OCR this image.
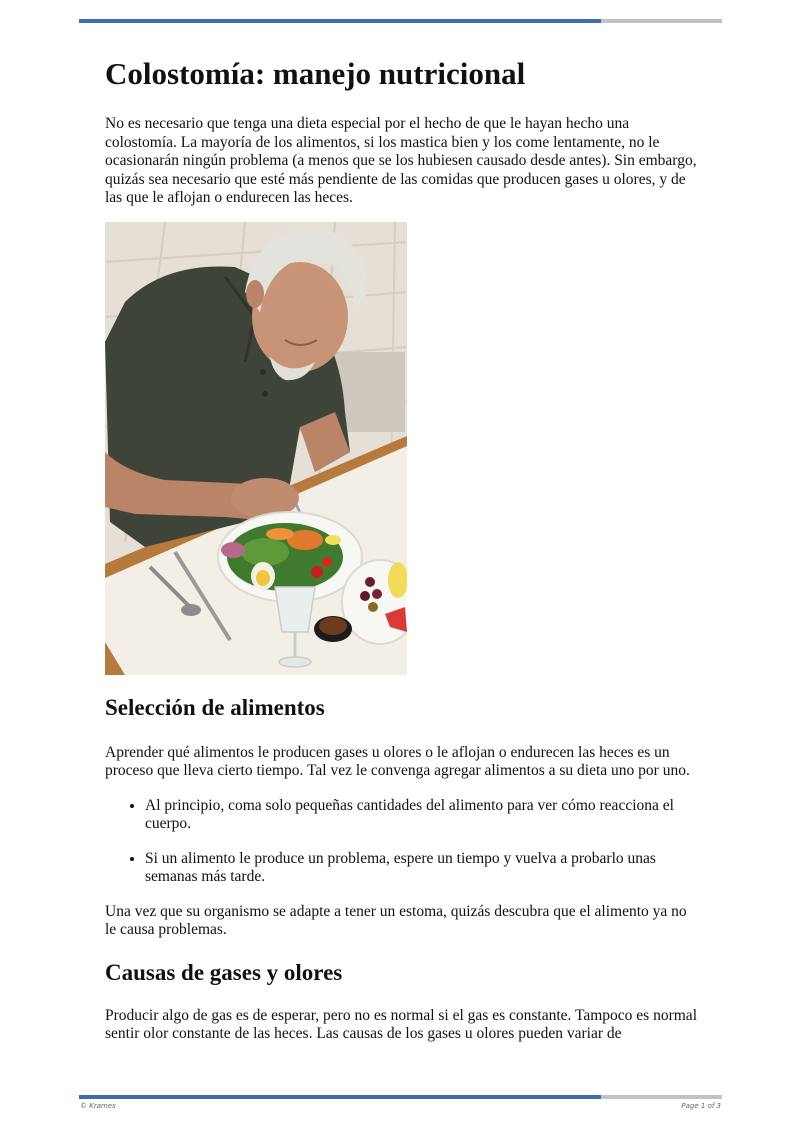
Colostomía: manejo nutricional

No es necesario que tenga una dieta especial por el hecho de que le hayan hecho una colostomía. La mayoría de los alimentos, si los mastica bien y los come lentamente, no le ocasionarán ningún problema (a menos que se los hubiesen causado desde antes). Sin embargo, quizás sea necesario que esté más pendiente de las comidas que producen gases u olores, y de las que le aflojan o endurecen las heces.

Selección de alimentos

Aprender qué alimentos le producen gases u olores o le aflojan o endurecen las heces es un proceso que lleva cierto tiempo. Tal vez le convenga agregar alimentos a su dieta uno por uno.

• Al principio, coma solo pequeñas cantidades del alimento para ver cómo reacciona el cuerpo.
• Si un alimento le produce un problema, espere un tiempo y vuelva a probarlo unas semanas más tarde.

Una vez que su organismo se adapte a tener un estoma, quizás descubra que el alimento ya no le causa problemas.

Causas de gases y olores

Producir algo de gas es de esperar, pero no es normal si el gas es constante. Tampoco es normal sentir olor constante de las heces. Las causas de los gases u olores pueden variar de

© Krames	Page 1 of 3
